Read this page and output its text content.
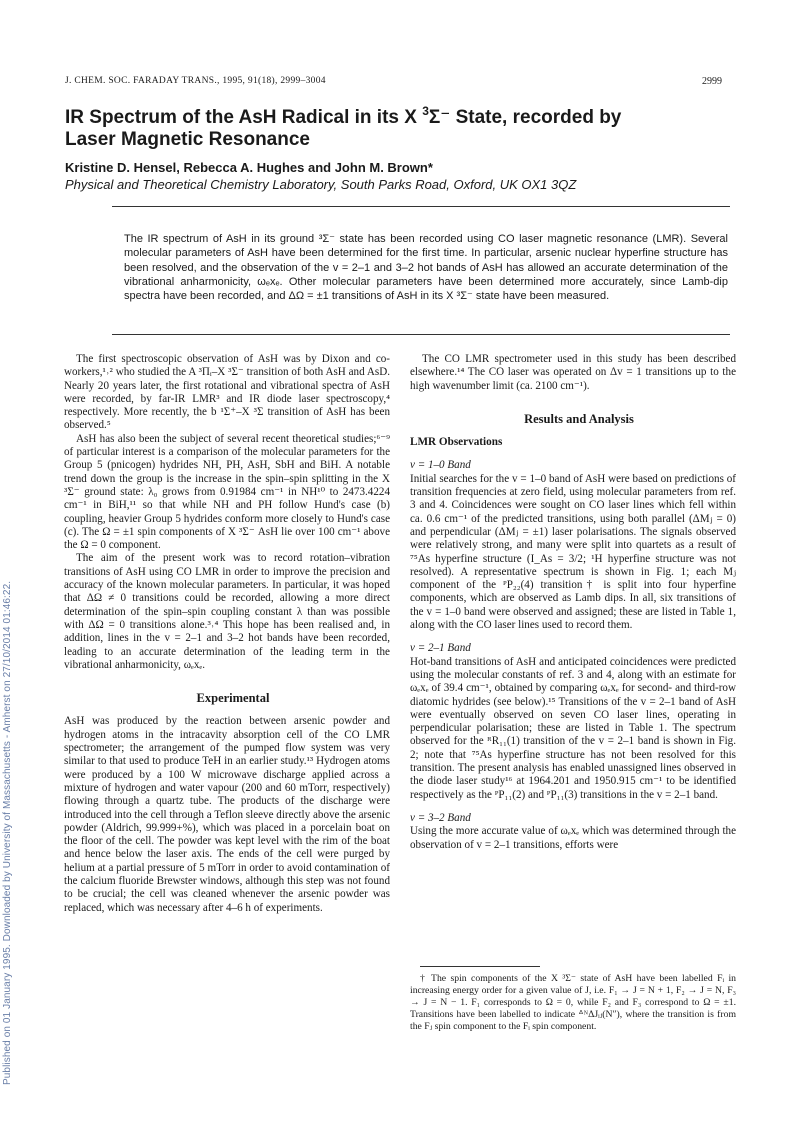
Published on 01 January 1995. Downloaded by University of Massachusetts - Amherst on 27/10/2014 01:46:22.
J. CHEM. SOC. FARADAY TRANS., 1995, 91(18), 2999–3004	2999
IR Spectrum of the AsH Radical in its X $^3$Σ⁻ State, recorded by
Laser Magnetic Resonance
Kristine D. Hensel, Rebecca A. Hughes and John M. Brown*
Physical and Theoretical Chemistry Laboratory, South Parks Road, Oxford, UK OX1 3QZ
The IR spectrum of AsH in its ground ³Σ⁻ state has been recorded using CO laser magnetic resonance (LMR). Several molecular parameters of AsH have been determined for the first time. In particular, arsenic nuclear hyperfine structure has been resolved, and the observation of the v = 2–1 and 3–2 hot bands of AsH has allowed an accurate determination of the vibrational anharmonicity, ωₑxₑ. Other molecular parameters have been determined more accurately, since Lamb-dip spectra have been recorded, and ΔΩ = ±1 transitions of AsH in its X ³Σ⁻ state have been measured.

The first spectroscopic observation of AsH was by Dixon and co-workers,¹˒² who studied the A ³Πᵢ–X ³Σ⁻ transition of both AsH and AsD. Nearly 20 years later, the first rotational and vibrational spectra of AsH were recorded, by far-IR LMR³ and IR diode laser spectroscopy,⁴ respectively. More recently, the b ¹Σ⁺–X ³Σ transition of AsH has been observed.⁵

AsH has also been the subject of several recent theoretical studies;⁶⁻⁹ of particular interest is a comparison of the molecular parameters for the Group 5 (pnicogen) hydrides NH, PH, AsH, SbH and BiH. A notable trend down the group is the increase in the spin–spin splitting in the X ³Σ⁻ ground state: λ₀ grows from 0.91984 cm⁻¹ in NH¹⁰ to 2473.4224 cm⁻¹ in BiH,¹¹ so that while NH and PH follow Hund's case (b) coupling, heavier Group 5 hydrides conform more closely to Hund's case (c). The Ω = ±1 spin components of X ³Σ⁻ AsH lie over 100 cm⁻¹ above the Ω = 0 component.

The aim of the present work was to record rotation–vibration transitions of AsH using CO LMR in order to improve the precision and accuracy of the known molecular parameters. In particular, it was hoped that ΔΩ ≠ 0 transitions could be recorded, allowing a more direct determination of the spin–spin coupling constant λ than was possible with ΔΩ = 0 transitions alone.³˒⁴ This hope has been realised and, in addition, lines in the v = 2–1 and 3–2 hot bands have been recorded, leading to an accurate determination of the leading term in the vibrational anharmonicity, ωₑxₑ.

Experimental

AsH was produced by the reaction between arsenic powder and hydrogen atoms in the intracavity absorption cell of the CO LMR spectrometer; the arrangement of the pumped flow system was very similar to that used to produce TeH in an earlier study.¹³ Hydrogen atoms were produced by a 100 W microwave discharge applied across a mixture of hydrogen and water vapour (200 and 60 mTorr, respectively) flowing through a quartz tube. The products of the discharge were introduced into the cell through a Teflon sleeve directly above the arsenic powder (Aldrich, 99.999+%), which was placed in a porcelain boat on the floor of the cell. The powder was kept level with the rim of the boat and hence below the laser axis. The ends of the cell were purged by helium at a partial pressure of 5 mTorr in order to avoid contamination of the calcium fluoride Brewster windows, although this step was not found to be crucial; the cell was cleaned whenever the arsenic powder was replaced, which was necessary after 4–6 h of experiments.

The CO LMR spectrometer used in this study has been described elsewhere.¹⁴ The CO laser was operated on Δv = 1 transitions up to the high wavenumber limit (ca. 2100 cm⁻¹).

Results and Analysis

LMR Observations

v = 1–0 Band

Initial searches for the v = 1–0 band of AsH were based on predictions of transition frequencies at zero field, using molecular parameters from ref. 3 and 4. Coincidences were sought on CO laser lines which fell within ca. 0.6 cm⁻¹ of the predicted transitions, using both parallel (ΔMⱼ = 0) and perpendicular (ΔMⱼ = ±1) laser polarisations. The signals observed were relatively strong, and many were split into quartets as a result of ⁷⁵As hyperfine structure (I_As = 3/2; ¹H hyperfine structure was not resolved). A representative spectrum is shown in Fig. 1; each Mⱼ component of the ᴾP₂₂(4) transition† is split into four hyperfine components, which are observed as Lamb dips. In all, six transitions of the v = 1–0 band were observed and assigned; these are listed in Table 1, along with the CO laser lines used to record them.

v = 2–1 Band

Hot-band transitions of AsH and anticipated coincidences were predicted using the molecular constants of ref. 3 and 4, along with an estimate for ωₑxₑ of 39.4 cm⁻¹, obtained by comparing ωₑxₑ for second- and third-row diatomic hydrides (see below).¹⁵ Transitions of the v = 2–1 band of AsH were eventually observed on seven CO laser lines, operating in perpendicular polarisation; these are listed in Table 1. The spectrum observed for the ᴿR₁₁(1) transition of the v = 2–1 band is shown in Fig. 2; note that ⁷⁵As hyperfine structure has not been resolved for this transition. The present analysis has enabled unassigned lines observed in the diode laser study¹⁶ at 1964.201 and 1950.915 cm⁻¹ to be identified respectively as the ᴾP₁₁(2) and ᴾP₁₁(3) transitions in the v = 2–1 band.

v = 3–2 Band

Using the more accurate value of ωₑxₑ which was determined through the observation of v = 2–1 transitions, efforts were

† The spin components of the X ³Σ⁻ state of AsH have been labelled Fᵢ in increasing energy order for a given value of J, i.e. F₁ → J = N + 1, F₂ → J = N, F₃ → J = N − 1. F₁ corresponds to Ω = 0, while F₂ and F₃ correspond to Ω = ±1. Transitions have been labelled to indicate ᐞᴺΔJᵢⱼ(N″), where the transition is from the Fⱼ spin component to the Fᵢ spin component.
